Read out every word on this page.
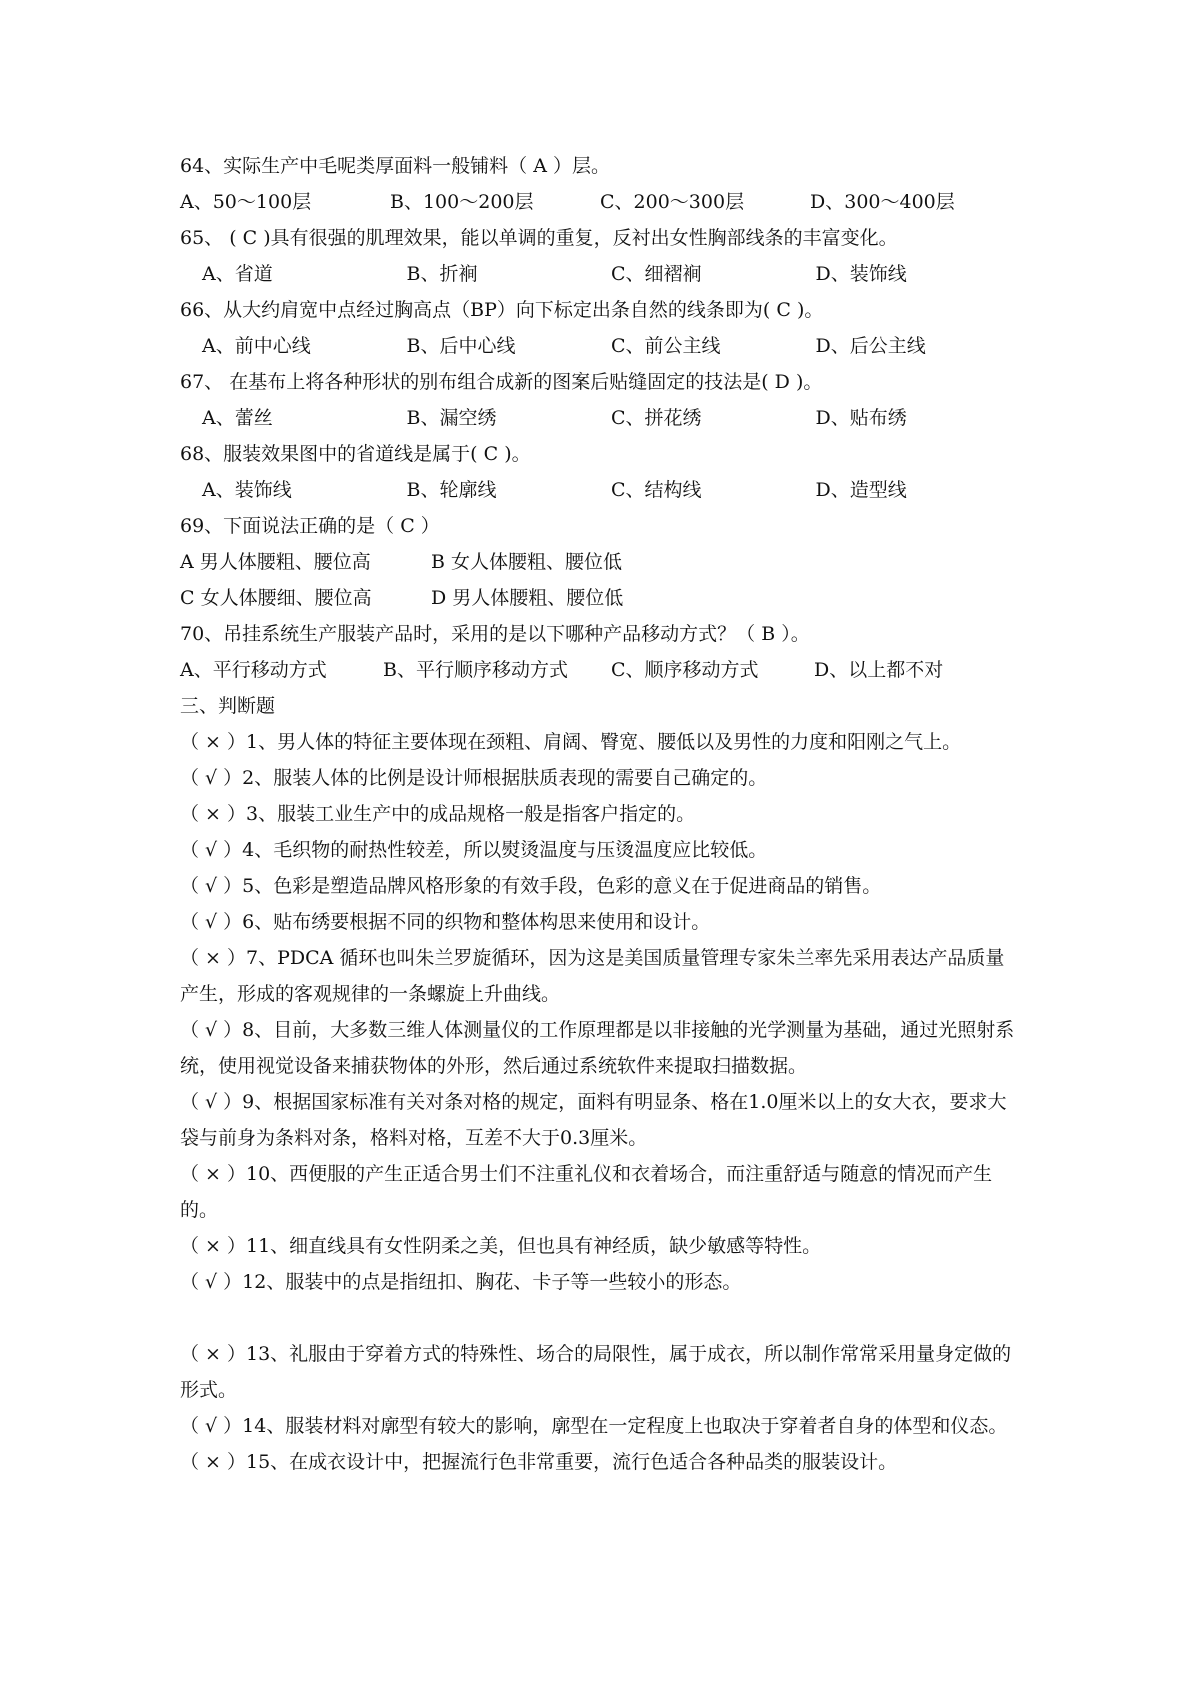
64、实际生产中毛呢类厚面料一般铺料（ A ）层。
A、50～100层	B、100～200层	C、200～300层	D、300～400层
65、 ( C )具有很强的肌理效果，能以单调的重复，反衬出女性胸部线条的丰富变化。
A、省道	B、折裥	C、细褶裥	D、装饰线
66、从大约肩宽中点经过胸高点（BP）向下标定出条自然的线条即为( C )。
A、前中心线	B、后中心线	C、前公主线	D、后公主线
67、 在基布上将各种形状的别布组合成新的图案后贴缝固定的技法是( D )。
A、蕾丝	B、漏空绣	C、拼花绣	D、贴布绣
68、服装效果图中的省道线是属于( C )。
A、装饰线	B、轮廓线	C、结构线	D、造型线
69、下面说法正确的是（ C ）
A 男人体腰粗、腰位高	B 女人体腰粗、腰位低
C 女人体腰细、腰位高	D 男人体腰粗、腰位低
70、吊挂系统生产服装产品时，采用的是以下哪种产品移动方式？（ B ）。
A、平行移动方式	B、平行顺序移动方式	C、顺序移动方式	D、以上都不对
三、判断题
（ × ）1、男人体的特征主要体现在颈粗、肩阔、臀宽、腰低以及男性的力度和阳刚之气上。
（ √ ）2、服装人体的比例是设计师根据肤质表现的需要自己确定的。
（ × ）3、服装工业生产中的成品规格一般是指客户指定的。
（ √ ）4、毛织物的耐热性较差，所以熨烫温度与压烫温度应比较低。
（ √ ）5、色彩是塑造品牌风格形象的有效手段，色彩的意义在于促进商品的销售。
（ √ ）6、贴布绣要根据不同的织物和整体构思来使用和设计。
（ × ）7、PDCA 循环也叫朱兰罗旋循环，因为这是美国质量管理专家朱兰率先采用表达产品质量产生，形成的客观规律的一条螺旋上升曲线。
（ √ ）8、目前，大多数三维人体测量仪的工作原理都是以非接触的光学测量为基础，通过光照射系统，使用视觉设备来捕获物体的外形，然后通过系统软件来提取扫描数据。
（ √ ）9、根据国家标准有关对条对格的规定，面料有明显条、格在1.0厘米以上的女大衣，要求大袋与前身为条料对条，格料对格，互差不大于0.3厘米。
（ × ）10、西便服的产生正适合男士们不注重礼仪和衣着场合，而注重舒适与随意的情况而产生的。
（ × ）11、细直线具有女性阴柔之美，但也具有神经质，缺少敏感等特性。
（ √ ）12、服装中的点是指纽扣、胸花、卡子等一些较小的形态。
（ × ）13、礼服由于穿着方式的特殊性、场合的局限性，属于成衣，所以制作常常采用量身定做的形式。
（ √ ）14、服装材料对廓型有较大的影响，廓型在一定程度上也取决于穿着者自身的体型和仪态。
（ × ）15、在成衣设计中，把握流行色非常重要，流行色适合各种品类的服装设计。
